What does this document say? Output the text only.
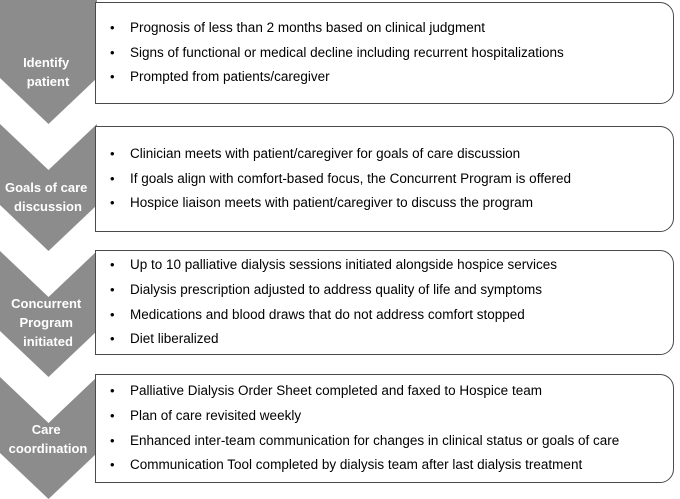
Identify patient
Goals of care discussion
Concurrent Program initiated
Care coordination
• Prognosis of less than 2 months based on clinical judgment
• Signs of functional or medical decline including recurrent hospitalizations
• Prompted from patients/caregiver
• Clinician meets with patient/caregiver for goals of care discussion
• If goals align with comfort-based focus, the Concurrent Program is offered
• Hospice liaison meets with patient/caregiver to discuss the program
• Up to 10 palliative dialysis sessions initiated alongside hospice services
• Dialysis prescription adjusted to address quality of life and symptoms
• Medications and blood draws that do not address comfort stopped
• Diet liberalized
• Palliative Dialysis Order Sheet completed and faxed to Hospice team
• Plan of care revisited weekly
• Enhanced inter-team communication for changes in clinical status or goals of care
• Communication Tool completed by dialysis team after last dialysis treatment
